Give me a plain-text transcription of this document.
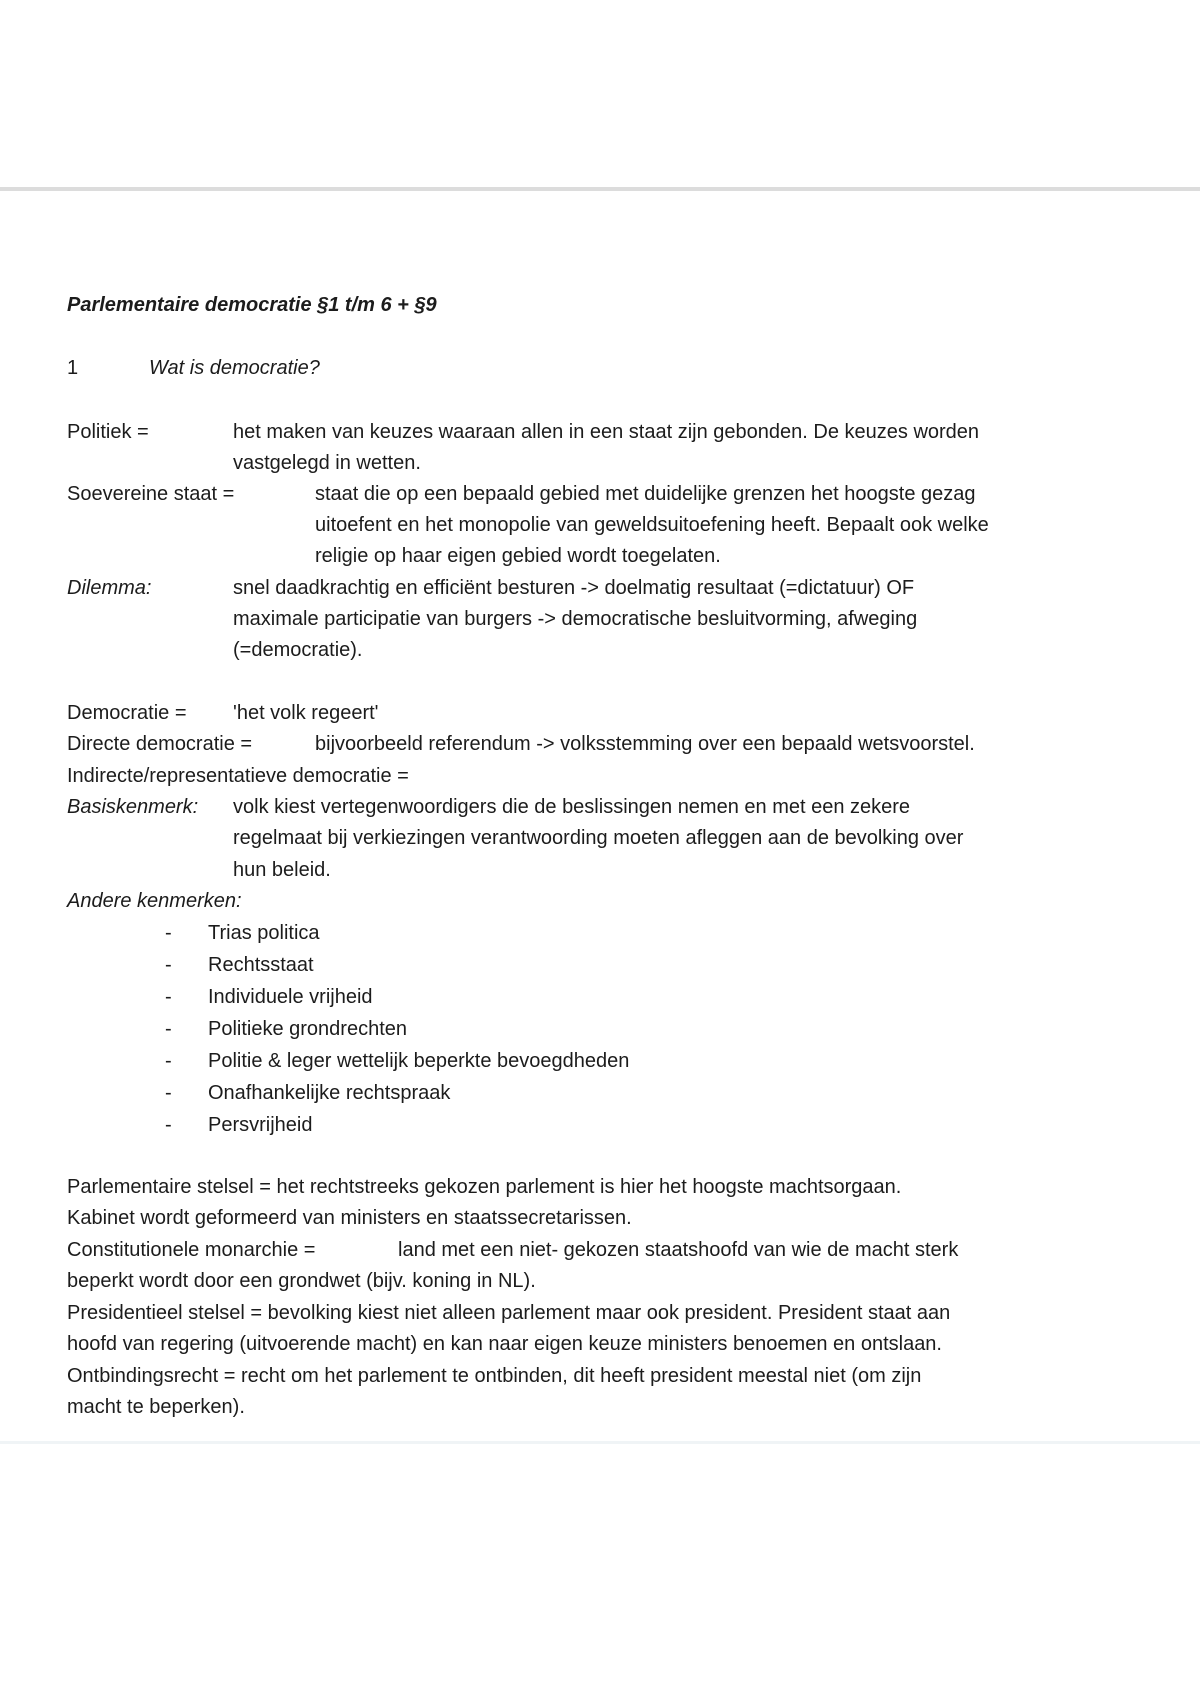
Parlementaire democratie §1 t/m 6 + §9
1	Wat is democratie?
Politiek =	het maken van keuzes waaraan allen in een staat zijn gebonden. De keuzes worden
vastgelegd in wetten.
Soevereine staat =	staat die op een bepaald gebied met duidelijke grenzen het hoogste gezag
uitoefent en het monopolie van geweldsuitoefening heeft. Bepaalt ook welke
religie op haar eigen gebied wordt toegelaten.
Dilemma:	snel daadkrachtig en efficiënt besturen -> doelmatig resultaat (=dictatuur) OF
maximale participatie van burgers -> democratische besluitvorming, afweging
(=democratie).
Democratie = 'het volk regeert'
Directe democratie =	bijvoorbeeld referendum -> volksstemming over een bepaald wetsvoorstel.
Indirecte/representatieve democratie =
Basiskenmerk: volk kiest vertegenwoordigers die de beslissingen nemen en met een zekere
regelmaat bij verkiezingen verantwoording moeten afleggen aan de bevolking over
hun beleid.
Andere kenmerken:
- Trias politica
- Rechtsstaat
- Individuele vrijheid
- Politieke grondrechten
- Politie & leger wettelijk beperkte bevoegdheden
- Onafhankelijke rechtspraak
- Persvrijheid
Parlementaire stelsel = het rechtstreeks gekozen parlement is hier het hoogste machtsorgaan.
Kabinet wordt geformeerd van ministers en staatssecretarissen.
Constitutionele monarchie =	land met een niet- gekozen staatshoofd van wie de macht sterk
beperkt wordt door een grondwet (bijv. koning in NL).
Presidentieel stelsel = bevolking kiest niet alleen parlement maar ook president. President staat aan
hoofd van regering (uitvoerende macht) en kan naar eigen keuze ministers benoemen en ontslaan.
Ontbindingsrecht = recht om het parlement te ontbinden, dit heeft president meestal niet (om zijn
macht te beperken).
